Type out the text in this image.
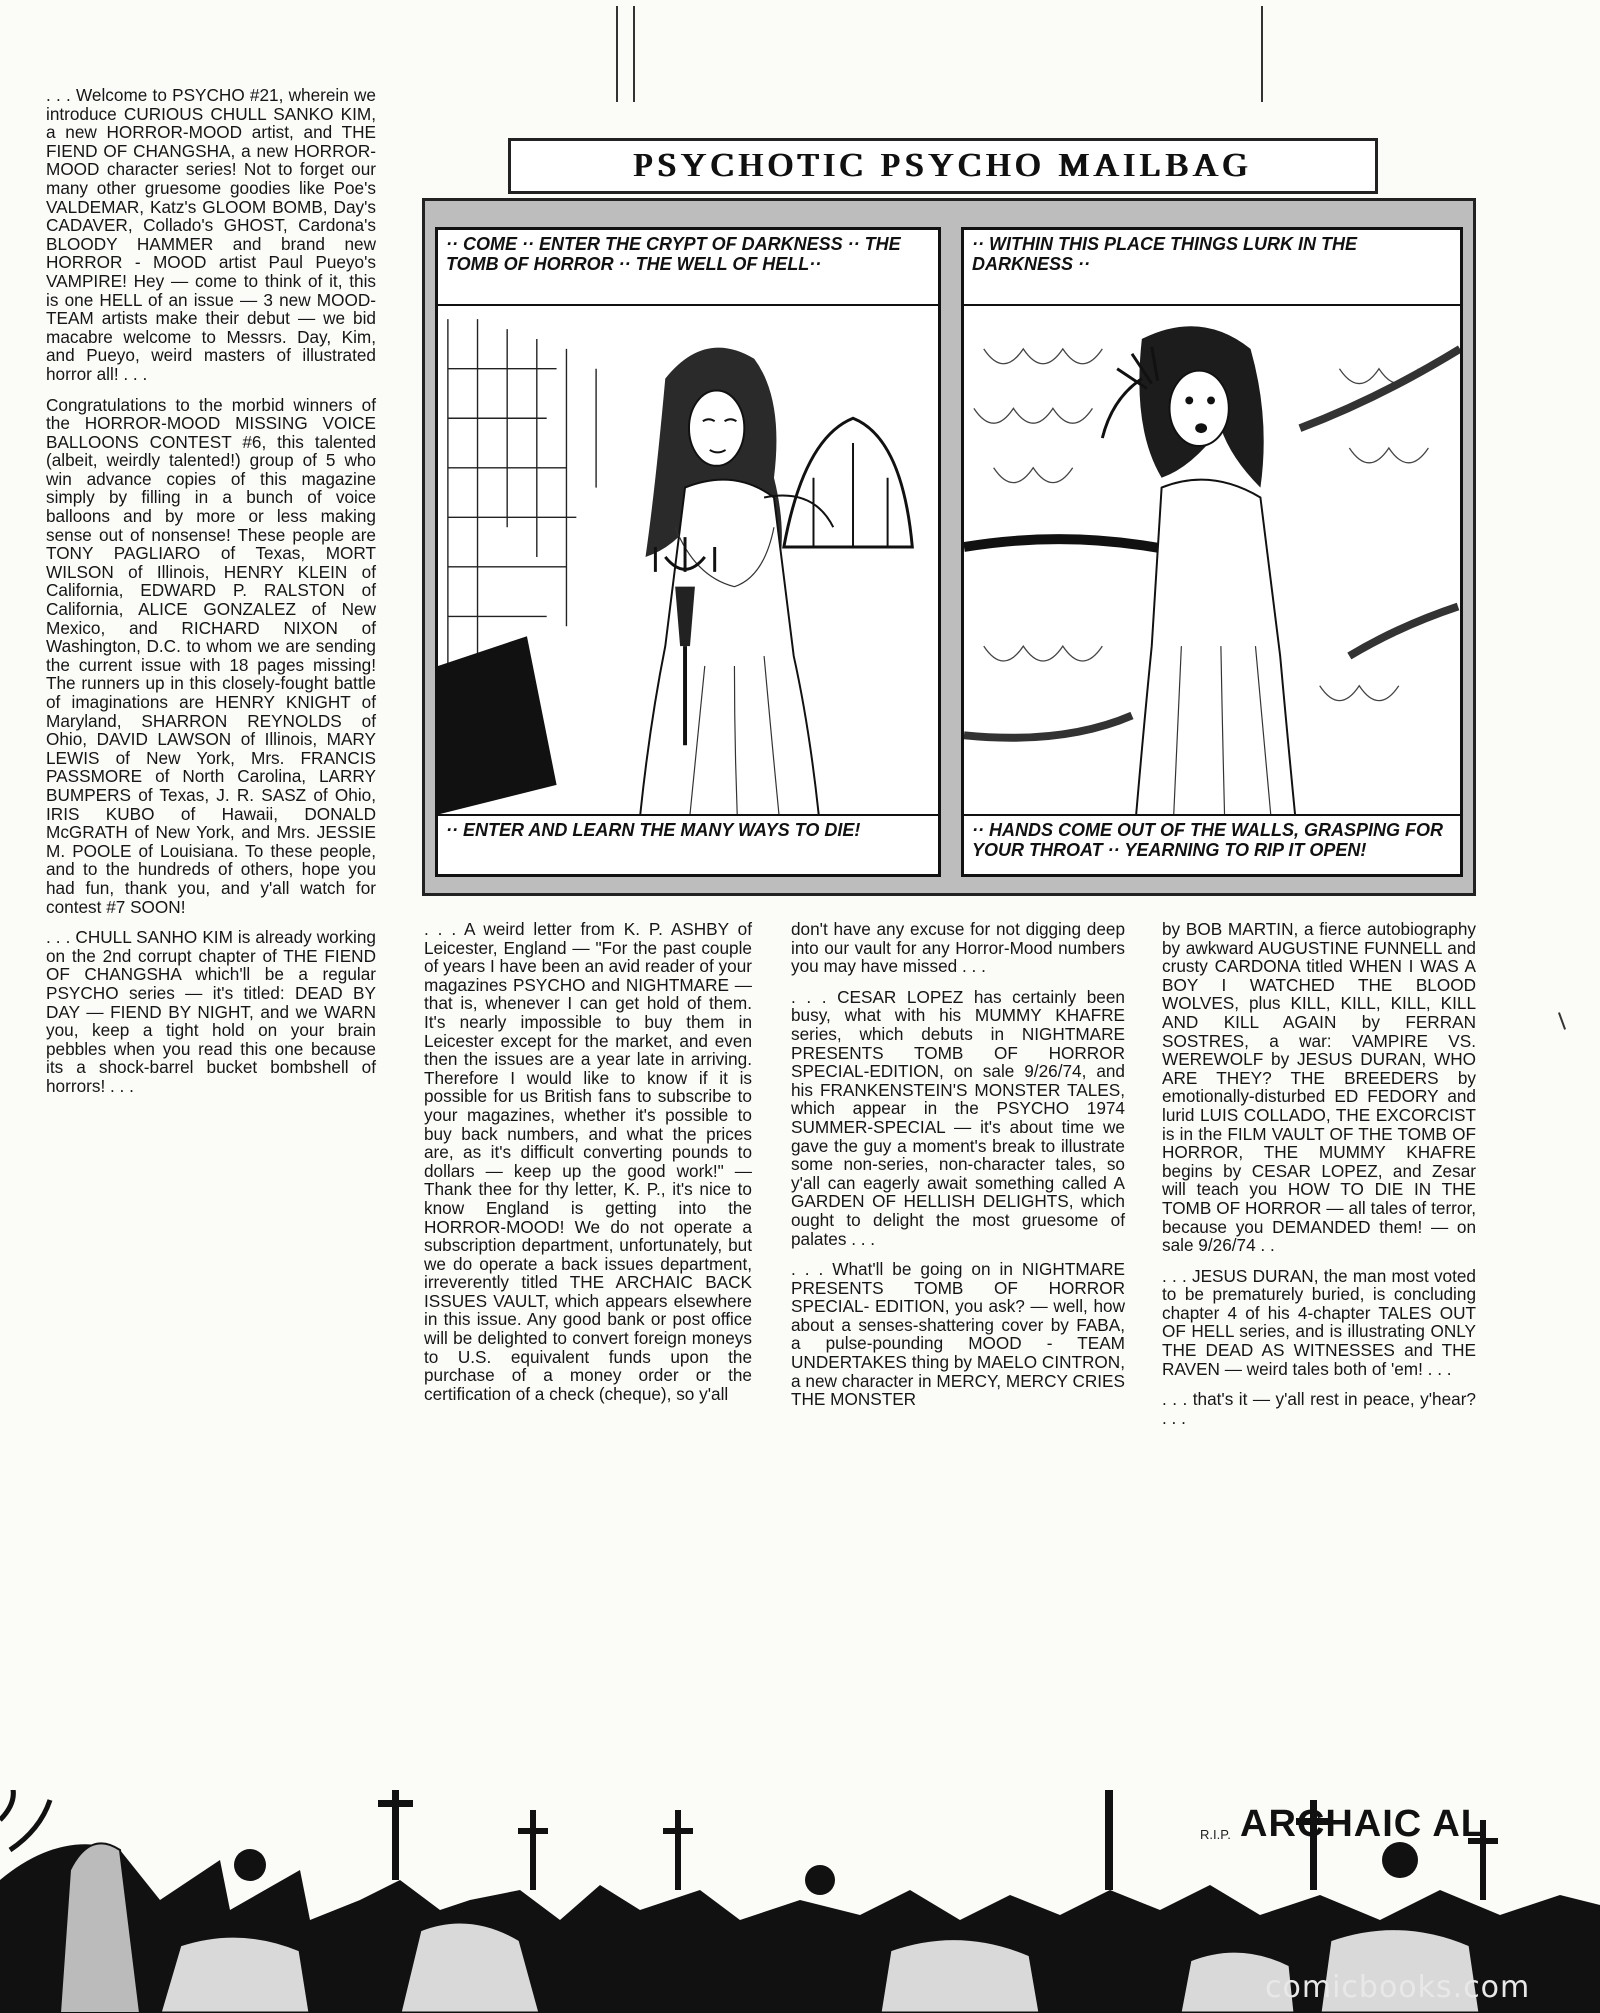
. . . Welcome to PSYCHO #21, wherein we introduce CURIOUS CHULL SANKO KIM, a new HORROR-MOOD artist, and THE FIEND OF CHANGSHA, a new HORROR-MOOD character series! Not to forget our many other gruesome goodies like Poe's VALDEMAR, Katz's GLOOM BOMB, Day's CADAVER, Collado's GHOST, Cardona's BLOODY HAMMER and brand new HORROR - MOOD artist Paul Pueyo's VAMPIRE! Hey — come to think of it, this is one HELL of an issue — 3 new MOOD-TEAM artists make their debut — we bid macabre welcome to Messrs. Day, Kim, and Pueyo, weird masters of illustrated horror all! . . .

Congratulations to the morbid winners of the HORROR-MOOD MISSING VOICE BALLOONS CONTEST #6, this talented (albeit, weirdly talented!) group of 5 who win advance copies of this magazine simply by filling in a bunch of voice balloons and by more or less making sense out of nonsense! These people are TONY PAGLIARO of Texas, MORT WILSON of Illinois, HENRY KLEIN of California, EDWARD P. RALSTON of California, ALICE GONZALEZ of New Mexico, and RICHARD NIXON of Washington, D.C. to whom we are sending the current issue with 18 pages missing! The runners up in this closely-fought battle of imaginations are HENRY KNIGHT of Maryland, SHARRON REYNOLDS of Ohio, DAVID LAWSON of Illinois, MARY LEWIS of New York, Mrs. FRANCIS PASSMORE of North Carolina, LARRY BUMPERS of Texas, J. R. SASZ of Ohio, IRIS KUBO of Hawaii, DONALD McGRATH of New York, and Mrs. JESSIE M. POOLE of Louisiana. To these people, and to the hundreds of others, hope you had fun, thank you, and y'all watch for contest #7 SOON!

. . . CHULL SANHO KIM is already working on the 2nd corrupt chapter of THE FIEND OF CHANGSHA which'll be a regular PSYCHO series — it's titled: DEAD BY DAY — FIEND BY NIGHT, and we WARN you, keep a tight hold on your brain pebbles when you read this one because its a shock-barrel bucket bombshell of horrors! . . .

PSYCHOTIC PSYCHO MAILBAG
·· COME ·· ENTER THE CRYPT OF DARKNESS ·· THE TOMB OF HORROR ·· THE WELL OF HELL··
·· ENTER AND LEARN THE MANY WAYS TO DIE!
·· WITHIN THIS PLACE THINGS LURK IN THE DARKNESS ··
·· HANDS COME OUT OF THE WALLS, GRASPING FOR YOUR THROAT ·· YEARNING TO RIP IT OPEN!

. . . A weird letter from K. P. ASHBY of Leicester, England — "For the past couple of years I have been an avid reader of your magazines PSYCHO and NIGHTMARE — that is, whenever I can get hold of them. It's nearly impossible to buy them in Leicester except for the market, and even then the issues are a year late in arriving. Therefore I would like to know if it is possible for us British fans to subscribe to your magazines, whether it's possible to buy back numbers, and what the prices are, as it's difficult converting pounds to dollars — keep up the good work!" — Thank thee for thy letter, K. P., it's nice to know England is getting into the HORROR-MOOD! We do not operate a subscription department, unfortunately, but we do operate a back issues department, irreverently titled THE ARCHAIC BACK ISSUES VAULT, which appears elsewhere in this issue. Any good bank or post office will be delighted to convert foreign moneys to U.S. equivalent funds upon the purchase of a money order or the certification of a check (cheque), so y'all

don't have any excuse for not digging deep into our vault for any Horror-Mood numbers you may have missed . . .

. . . CESAR LOPEZ has certainly been busy, what with his MUMMY KHAFRE series, which debuts in NIGHTMARE PRESENTS TOMB OF HORROR SPECIAL-EDITION, on sale 9/26/74, and his FRANKENSTEIN'S MONSTER TALES, which appear in the PSYCHO 1974 SUMMER-SPECIAL — it's about time we gave the guy a moment's break to illustrate some non-series, non-character tales, so y'all can eagerly await something called A GARDEN OF HELLISH DELIGHTS, which ought to delight the most gruesome of palates . . .

. . . What'll be going on in NIGHTMARE PRESENTS TOMB OF HORROR SPECIAL- EDITION, you ask? — well, how about a senses-shattering cover by FABA, a pulse-pounding MOOD - TEAM UNDERTAKES thing by MAELO CINTRON, a new character in MERCY, MERCY CRIES THE MONSTER

by BOB MARTIN, a fierce autobiography by awkward AUGUSTINE FUNNELL and crusty CARDONA titled WHEN I WAS A BOY I WATCHED THE BLOOD WOLVES, plus KILL, KILL, KILL, KILL AND KILL AGAIN by FERRAN SOSTRES, a war: VAMPIRE VS. WEREWOLF by JESUS DURAN, WHO ARE THEY? THE BREEDERS by emotionally-disturbed ED FEDORY and lurid LUIS COLLADO, THE EXCORCIST is in the FILM VAULT OF THE TOMB OF HORROR, THE MUMMY KHAFRE begins by CESAR LOPEZ, and Zesar will teach you HOW TO DIE IN THE TOMB OF HORROR — all tales of terror, because you DEMANDED them! — on sale 9/26/74 . .

. . . JESUS DURAN, the man most voted to be prematurely buried, is concluding chapter 4 of his 4-chapter TALES OUT OF HELL series, and is illustrating ONLY THE DEAD AS WITNESSES and THE RAVEN — weird tales both of 'em! . . .

. . . that's it — y'all rest in peace, y'hear? . . .

R.I.P. ARCHAIC AL
comicbooks.com
